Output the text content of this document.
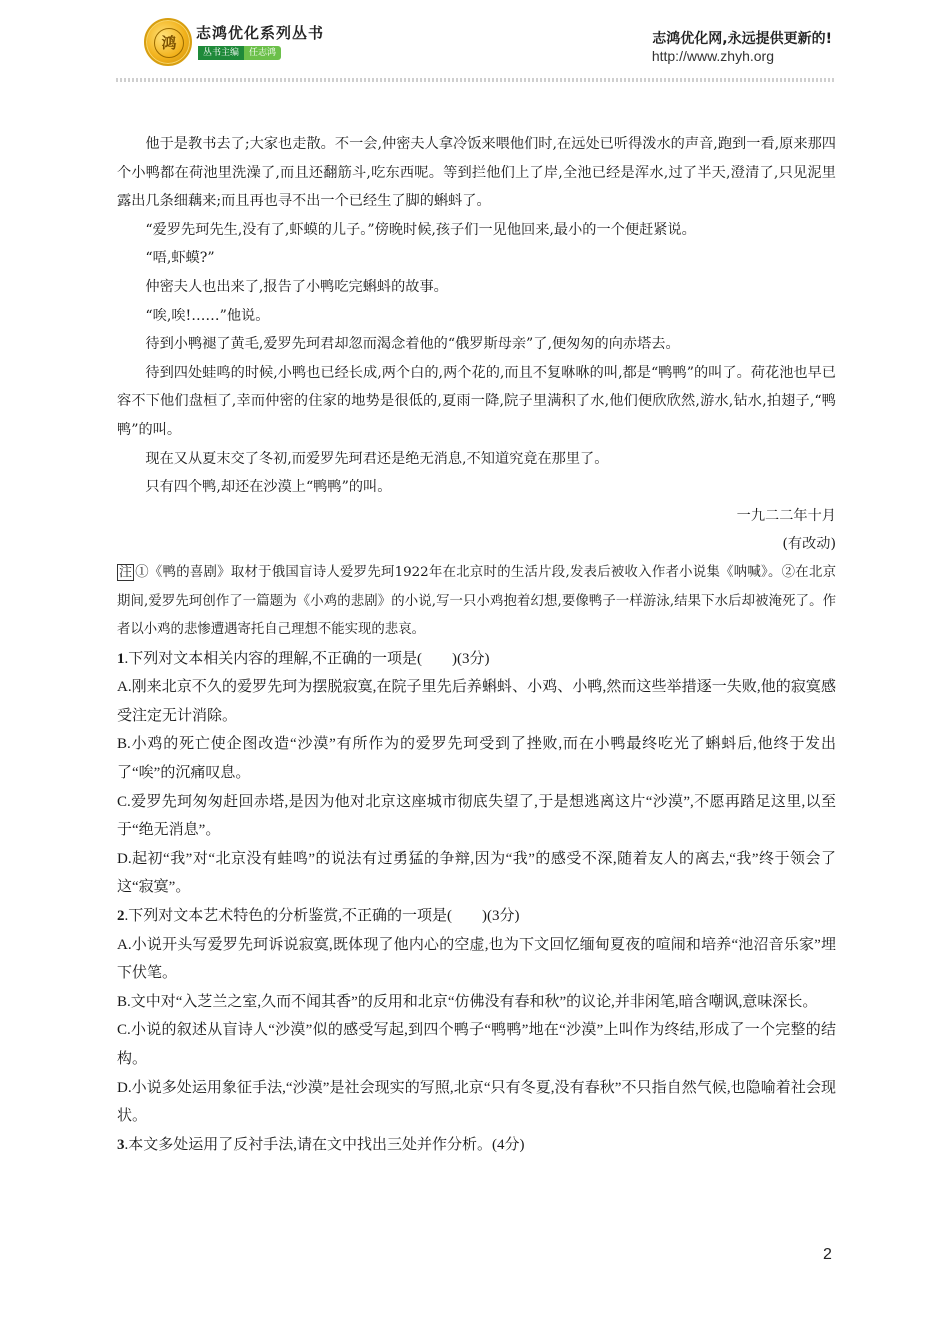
鸿
志鸿优化系列丛书
丛书主编	任志鸿
志鸿优化网,永远提供更新的!
http://www.zhyh.org

他于是教书去了;大家也走散。不一会,仲密夫人拿冷饭来喂他们时,在远处已听得泼水的声音,跑到一看,原来那四个小鸭都在荷池里洗澡了,而且还翻筋斗,吃东西呢。等到拦他们上了岸,全池已经是浑水,过了半天,澄清了,只见泥里露出几条细藕来;而且再也寻不出一个已经生了脚的蝌蚪了。

“爱罗先珂先生,没有了,虾蟆的儿子。”傍晚时候,孩子们一见他回来,最小的一个便赶紧说。

“唔,虾蟆?”

仲密夫人也出来了,报告了小鸭吃完蝌蚪的故事。

“唉,唉!……”他说。

待到小鸭褪了黄毛,爱罗先珂君却忽而渴念着他的“俄罗斯母亲”了,便匆匆的向赤塔去。

待到四处蛙鸣的时候,小鸭也已经长成,两个白的,两个花的,而且不复咻咻的叫,都是“鸭鸭”的叫了。荷花池也早已容不下他们盘桓了,幸而仲密的住家的地势是很低的,夏雨一降,院子里满积了水,他们便欣欣然,游水,钻水,拍翅子,“鸭鸭”的叫。

现在又从夏末交了冬初,而爱罗先珂君还是绝无消息,不知道究竟在那里了。

只有四个鸭,却还在沙漠上“鸭鸭”的叫。

一九二二年十月

(有改动)

注 ①《鸭的喜剧》取材于俄国盲诗人爱罗先珂1922年在北京时的生活片段,发表后被收入作者小说集《呐喊》。②在北京期间,爱罗先珂创作了一篇题为《小鸡的悲剧》的小说,写一只小鸡抱着幻想,要像鸭子一样游泳,结果下水后却被淹死了。作者以小鸡的悲惨遭遇寄托自己理想不能实现的悲哀。

1.下列对文本相关内容的理解,不正确的一项是(　　)(3分)

A.刚来北京不久的爱罗先珂为摆脱寂寞,在院子里先后养蝌蚪、小鸡、小鸭,然而这些举措逐一失败,他的寂寞感受注定无计消除。

B.小鸡的死亡使企图改造“沙漠”有所作为的爱罗先珂受到了挫败,而在小鸭最终吃光了蝌蚪后,他终于发出了“唉”的沉痛叹息。

C.爱罗先珂匆匆赶回赤塔,是因为他对北京这座城市彻底失望了,于是想逃离这片“沙漠”,不愿再踏足这里,以至于“绝无消息”。

D.起初“我”对“北京没有蛙鸣”的说法有过勇猛的争辩,因为“我”的感受不深,随着友人的离去,“我”终于领会了这“寂寞”。

2.下列对文本艺术特色的分析鉴赏,不正确的一项是(　　)(3分)

A.小说开头写爱罗先珂诉说寂寞,既体现了他内心的空虚,也为下文回忆缅甸夏夜的喧闹和培养“池沼音乐家”埋下伏笔。

B.文中对“入芝兰之室,久而不闻其香”的反用和北京“仿佛没有春和秋”的议论,并非闲笔,暗含嘲讽,意味深长。

C.小说的叙述从盲诗人“沙漠”似的感受写起,到四个鸭子“鸭鸭”地在“沙漠”上叫作为终结,形成了一个完整的结构。

D.小说多处运用象征手法,“沙漠”是社会现实的写照,北京“只有冬夏,没有春秋”不只指自然气候,也隐喻着社会现状。

3.本文多处运用了反衬手法,请在文中找出三处并作分析。(4分)

2
